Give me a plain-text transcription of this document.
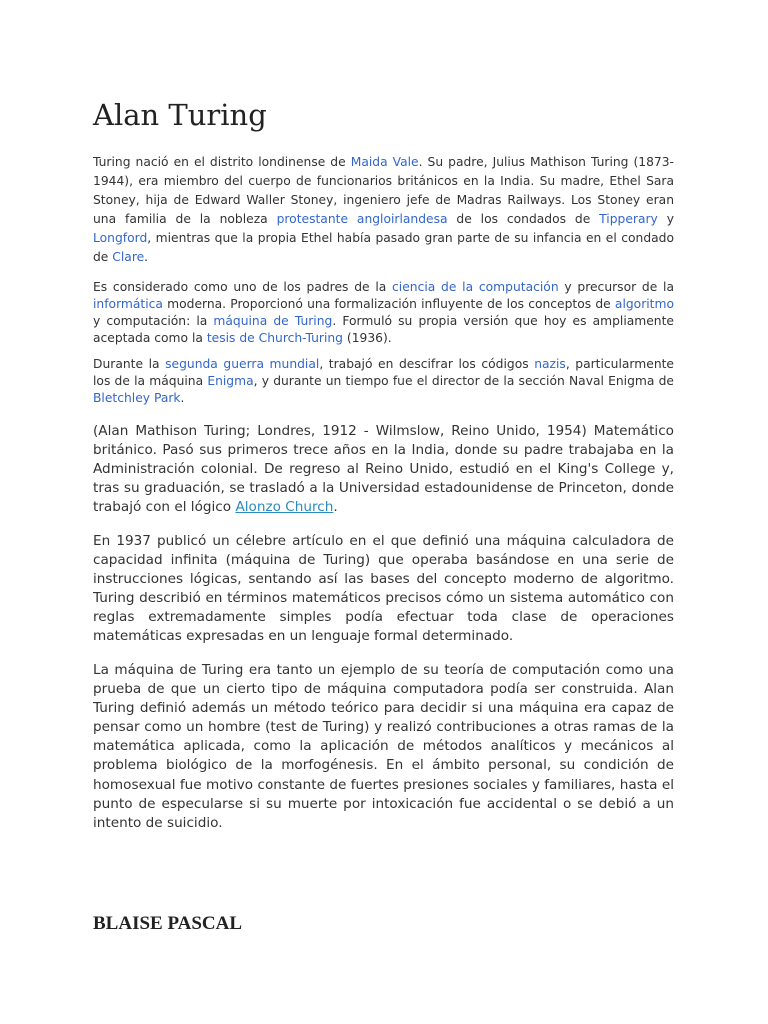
Alan Turing

Turing nació en el distrito londinense de Maida Vale. Su padre, Julius Mathison Turing (1873-1944), era miembro del cuerpo de funcionarios británicos en la India. Su madre, Ethel Sara Stoney, hija de Edward Waller Stoney, ingeniero jefe de Madras Railways. Los Stoney eran una familia de la nobleza protestante angloirlandesa de los condados de Tipperary y Longford, mientras que la propia Ethel había pasado gran parte de su infancia en el condado de Clare.

Es considerado como uno de los padres de la ciencia de la computación y precursor de la informática moderna. Proporcionó una formalización influyente de los conceptos de algoritmo y computación: la máquina de Turing. Formuló su propia versión que hoy es ampliamente aceptada como la tesis de Church-Turing (1936).

Durante la segunda guerra mundial, trabajó en descifrar los códigos nazis, particularmente los de la máquina Enigma, y durante un tiempo fue el director de la sección Naval Enigma de Bletchley Park.

(Alan Mathison Turing; Londres, 1912 - Wilmslow, Reino Unido, 1954) Matemático británico. Pasó sus primeros trece años en la India, donde su padre trabajaba en la Administración colonial. De regreso al Reino Unido, estudió en el King's College y, tras su graduación, se trasladó a la Universidad estadounidense de Princeton, donde trabajó con el lógico Alonzo Church.

En 1937 publicó un célebre artículo en el que definió una máquina calculadora de capacidad infinita (máquina de Turing) que operaba basándose en una serie de instrucciones lógicas, sentando así las bases del concepto moderno de algoritmo. Turing describió en términos matemáticos precisos cómo un sistema automático con reglas extremadamente simples podía efectuar toda clase de operaciones matemáticas expresadas en un lenguaje formal determinado.

La máquina de Turing era tanto un ejemplo de su teoría de computación como una prueba de que un cierto tipo de máquina computadora podía ser construida. Alan Turing definió además un método teórico para decidir si una máquina era capaz de pensar como un hombre (test de Turing) y realizó contribuciones a otras ramas de la matemática aplicada, como la aplicación de métodos analíticos y mecánicos al problema biológico de la morfogénesis. En el ámbito personal, su condición de homosexual fue motivo constante de fuertes presiones sociales y familiares, hasta el punto de especularse si su muerte por intoxicación fue accidental o se debió a un intento de suicidio.

BLAISE PASCAL
